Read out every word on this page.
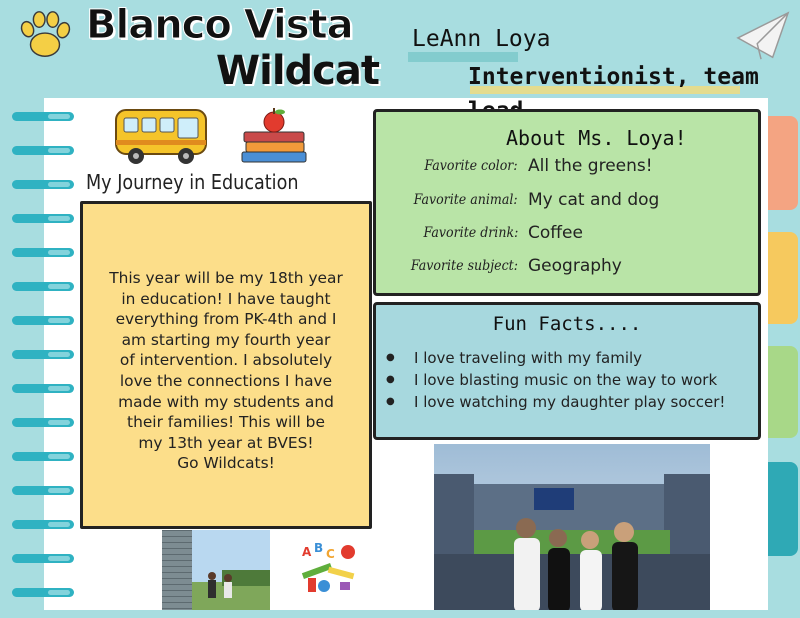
Blanco Vista
Wildcat
LeAnn Loya
Interventionist, team
My Journey in Education
This year will be my 18th year
in education! I have taught
everything from PK-4th and I
am starting my fourth year
of intervention. I absolutely
love the connections I have
made with my students and
their families! This will be
my 13th year at BVES!
Go Wildcats!
About Ms. Loya!
Favorite color: All the greens!
Favorite animal: My cat and dog
Favorite drink: Coffee
Favorite subject: Geography
Fun Facts....
● I love traveling with my family
● I love blasting music on the way to work
● I love watching my daughter play soccer!
A B C
